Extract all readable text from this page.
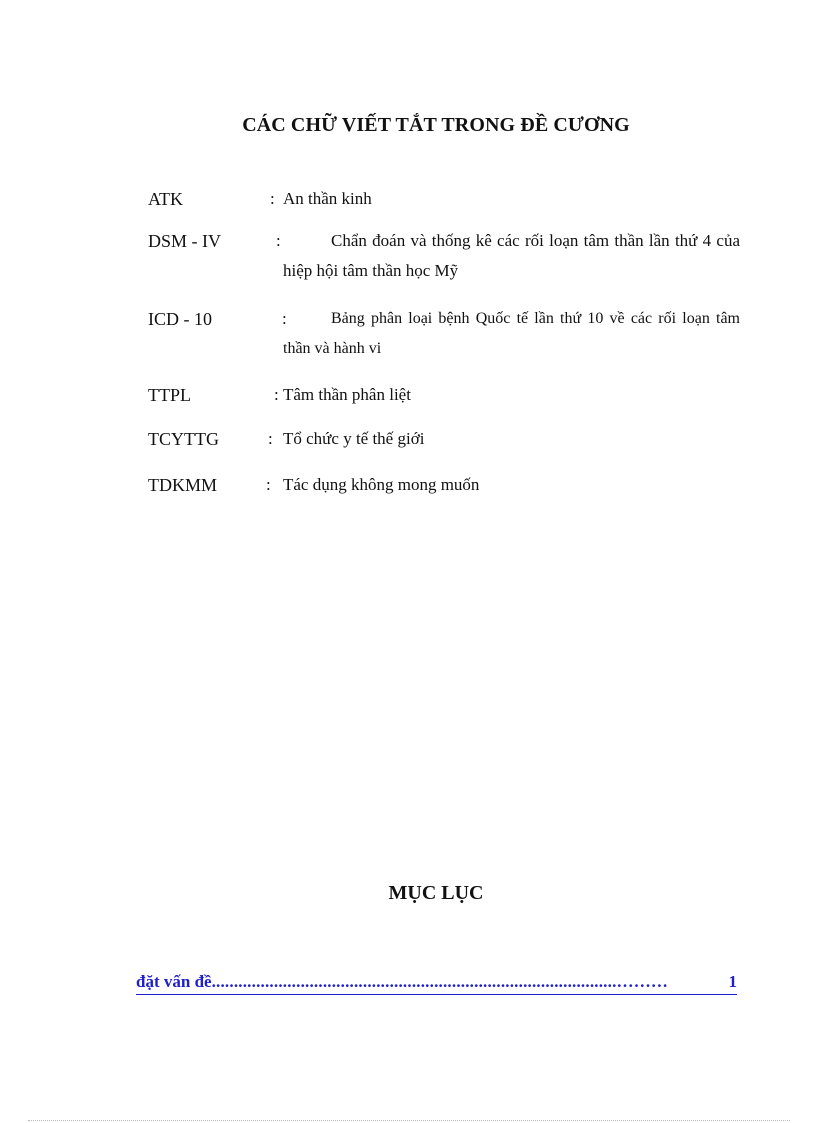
CÁC CHỮ VIẾT TẮT TRONG ĐỀ CƯƠNG
ATK	: An thần kinh
DSM - IV	:	Chẩn đoán và thống kê các rối loạn tâm thần lần thứ 4 của hiệp hội tâm thần học Mỹ
ICD - 10	:	Bảng phân loại bệnh Quốc tế lần thứ 10 về các rối loạn tâm thần và hành vi
TTPL	: Tâm thần phân liệt
TCYTTG	: Tổ chức y tế thế giới
TDKMM	: Tác dụng không mong muốn
MỤC LỤC
đặt vấn đề...........................................................................................………	1
